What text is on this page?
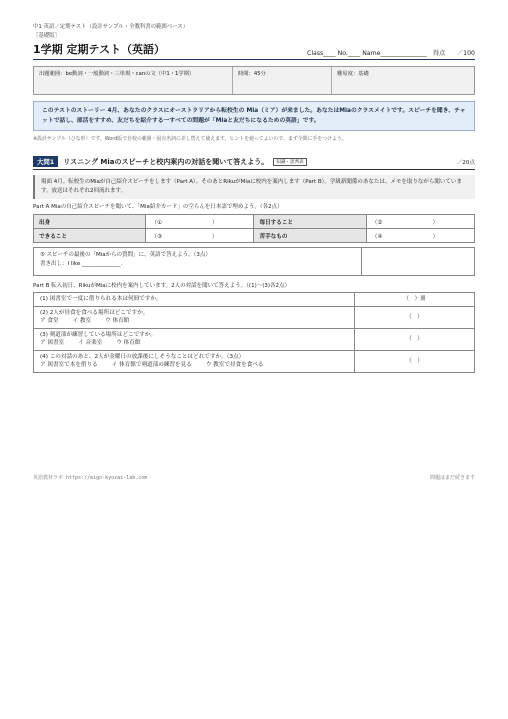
中1 英語／定期テスト（設計サンプル・全教科書の範囲ベース）
［基礎版］
1学期 定期テスト（英語）	Class____ No.____ Name_______________ 得点 ／100
出題範囲：be動詞・一般動詞・三単現・canの文（中1・1学期）	時間：45分	難易度：基礎
このテストのストーリー 4月、あなたのクラスにオーストラリアから転校生の Mia（ミア）が来ました。あなたはMiaのクラスメイトです。スピーチを聞き、チャットで話し、部活をすすめ、友だちを紹介する一すべての問題が「Miaと友だちになるための英語」です。
※設計サンプル（ひな形）です。Word版で自校の範囲・固有名詞に差し替えて使えます。ヒントを使ってよいので、まず全問に手をつけよう。
大問1	リスニング Miaのスピーチと校内案内の対話を聞いて答えよう。	知識・思判表	／20点
場面 4月。転校生のMiaが自己紹介スピーチをします（Part A）。そのあとRikuがMiaに校内を案内します（Part B）。学級新聞係のあなたは、メモを取りながら聞いています。放送はそれぞれ2回流れます。
Part A Miaの自己紹介スピーチを聞いて、「Mia紹介カード」の空らんを日本語で埋めよう。（各2点）
出身	（① ）	毎日すること	（② ）
できること	（③ ）	苦手なもの	（④ ）
⑤ スピーチの最後の「Miaからの質問」に、英語で答えよう。（3点）
書き出し：I like ______________.
Part B 転入初日、RikuがMiaに校内を案内しています。2人の対話を聞いて答えよう。（(1)〜(3)各2点）
(1) 図書室で一度に借りられる本は何冊ですか。	（　）冊

(2) 2人が昼食を食べる場所はどこですか。
ア 食堂 イ 教室 ウ 体育館	（　）

(3) 剣道部が練習している場所はどこですか。
ア 図書室 イ 音楽室 ウ 体育館	（　）

(4) この対話のあと、2人が金曜日の放課後にしそうなことはどれですか。（3点）
ア 図書室で本を借りる イ 体育館で剣道部の練習を見る ウ 教室で昼食を食べる	（　）
英語教材ラボ https://eigo-kyozai-lab.com	問題はまだ続きます
